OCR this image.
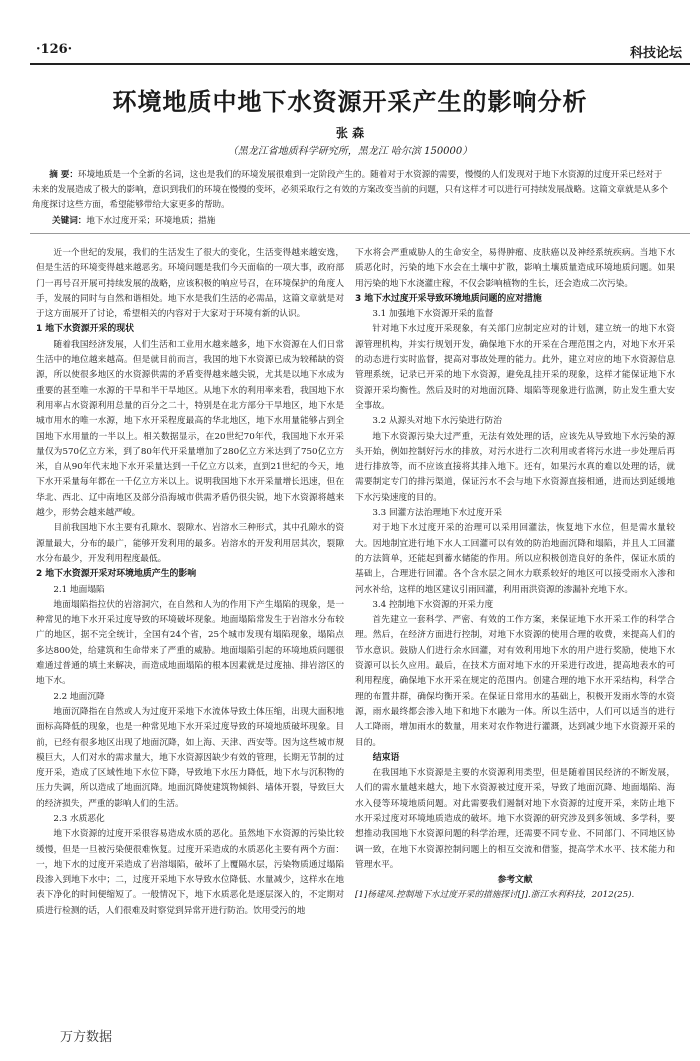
·126·	科技论坛
环境地质中地下水资源开采产生的影响分析
张 森
（黑龙江省地质科学研究所，黑龙江 哈尔滨 150000）
摘 要：环境地质是一个全新的名词，这也是我们的环境发展很难到一定阶段产生的。随着对于水资源的需要，慢慢的人们发现对于地下水资源的过度开采已经对于未来的发展造成了极大的影响，意识到我们的环境在慢慢的变坏，必须采取行之有效的方案改变当前的问题，只有这样才可以进行可持续发展战略。这篇文章就是从多个角度探讨这些方面，希望能够带给大家更多的帮助。
关键词：地下水过度开采；环境地质；措施

近一个世纪的发展，我们的生活发生了很大的变化，生活变得越来越安逸，但是生活的环境变得越来越恶劣。环境问题是我们今天面临的一项大事，政府部门一再号召开展可持续发展的战略，应该积极的响应号召，在环境保护的角度人手，发展的同时与自然和谐相处。地下水是我们生活的必需品，这篇文章就是对于这方面展开了讨论，希望相关的内容对于大家对于环境有新的认识。

1 地下水资源开采的现状

随着我国经济发展，人们生活和工业用水越来越多，地下水资源在人们日常生活中的地位越来越高。但是就目前而言，我国的地下水资源已成为较稀缺的资源，所以使很多地区的水资源供需的矛盾变得越来越尖锐，尤其是以地下水成为重要的甚至唯一水源的干旱和半干旱地区。从地下水的利用率来看，我国地下水利用率占水资源利用总量的百分之二十，特别是在北方部分干旱地区，地下水是城市用水的唯一水源，地下水开采程度最高的华北地区，地下水用量能够占到全国地下水用量的一半以上。相关数据显示，在20世纪70年代，我国地下水开采量仅为570亿立方米，到了80年代开采量增加了280亿立方米达到了750亿立方米，自从90年代末地下水开采量达到一千亿立方以来，直到21世纪的今天，地下水开采量每年都在一千亿立方米以上。说明我国地下水开采量增长迅速，但在华北、西北、辽中南地区及部分沿海城市供需矛盾仍很尖锐，地下水资源将越来越少，形势会越来越严峻。

目前我国地下水主要有孔隙水、裂隙水、岩溶水三种形式，其中孔隙水的资源量最大，分布的最广，能够开发利用的最多。岩溶水的开发利用居其次，裂隙水分布最少，开发利用程度最低。

2 地下水资源开采对环境地质产生的影响
2.1 地面塌陷

地面塌陷指拉伏的岩溶洞穴，在自然和人为的作用下产生塌陷的现象，是一种常见的地下水开采过度导致的环境破坏现象。地面塌陷常发生于岩溶水分布较广的地区，据不完全统计，全国有24个省，25个城市发现有塌陷现象，塌陷点多达800处，给建筑和生命带来了严重的威胁。地面塌陷引起的环境地质问题很难通过普通的填土来解决，而造成地面塌陷的根本因素就是过度抽、排岩溶区的地下水。

2.2 地面沉降

地面沉降指在自然或人为过度开采地下水流体导致土体压缩，出现大面积地面标高降低的现象，也是一种常见地下水开采过度导致的环境地质破坏现象。目前，已经有很多地区出现了地面沉降，如上海、天津、西安等。因为这些城市规模巨大，人们对水的需求量大，地下水资源因缺少有效的管理，长期无节制的过度开采，造成了区域性地下水位下降，导致地下水压力降低，地下水与沉积物的压力失调，所以造成了地面沉降。地面沉降使建筑物倾斜、墙体开裂，导致巨大的经济损失，严重的影响人们的生活。

2.3 水质恶化

地下水资源的过度开采很容易造成水质的恶化。虽然地下水资源的污染比较缓慢，但是一旦被污染便很难恢复。过度开采造成的水质恶化主要有两个方面：一，地下水的过度开采造成了岩溶塌陷，破坏了上覆隔水层，污染物质通过塌陷段渗入到地下水中；二，过度开采地下水导致水位降低、水量减少，这样水在地表下净化的时间便缩短了。一般情况下，地下水质恶化是逐层深入的，不定期对质进行检测的话，人们很难及时察觉到异常开进行防治。饮用受污的地

下水将会严重威胁人的生命安全，易得肿瘤、皮肤癌以及神经系统疾病。当地下水质恶化时，污染的地下水会在土壤中扩散，影响土壤质量造成环境地质问题。如果用污染的地下水浇灌庄稼，不仅会影响植物的生长，还会造成二次污染。

3 地下水过度开采导致环境地质问题的应对措施
3.1 加强地下水资源开采的监督

针对地下水过度开采现象，有关部门应制定应对的计划，建立统一的地下水资源管理机构，并实行规划开发，确保地下水的开采在合理范围之内，对地下水开采的动态进行实时监督，提高对事故处理的能力。此外，建立对应的地下水资源信息管理系统，记录已开采的地下水资源，避免乱挂开采的现象，这样才能保证地下水资源开采均衡性。然后及时的对地面沉降、塌陷等现象进行监测，防止发生重大安全事故。

3.2 从源头对地下水污染进行防治

地下水资源污染大过严重，无法有效处理的话，应该先从导致地下水污染的源头开始，例如控制好污水的排放，对污水进行二次利用或者将污水进一步处理后再进行排放等，而不应该直接将其排入地下。还有，如果污水真的难以处理的话，就需要制定专门的排污渠道，保证污水不会与地下水资源直接相通，进而达到延缓地下水污染速度的目的。

3.3 回灌方法治理地下水过度开采

对于地下水过度开采的治理可以采用回灌法，恢复地下水位，但是需水量较大。因地制宜进行地下水人工回灌可以有效的防治地面沉降和塌陷，并且人工回灌的方法简单，还能起到蓄水储能的作用。所以应积极创造良好的条件，保证水质的基础上，合理进行回灌。各个含水层之间水力联系较好的地区可以接受雨水入渗和河水补给，这样的地区建议引雨回灌，利用雨洪资源的渗漏补充地下水。

3.4 控制地下水资源的开采力度

首先建立一套科学、严密、有效的工作方案，来保证地下水开采工作的科学合理。然后，在经济方面进行控制，对地下水资源的使用合理的收费，来提高人们的节水意识。鼓励人们进行余水回灌，对有效利用地下水的用户进行奖励，使地下水资源可以长久应用。最后，在技术方面对地下水的开采进行改进，提高地表水的可利用程度，确保地下水开采在规定的范围内。创建合理的地下水开采结构，科学合理的布置井群，确保均衡开采。在保证日常用水的基础上，积极开发雨水等的水资源，雨水最终都会渗入地下和地下水融为一体。所以生活中，人们可以适当的进行人工降雨，增加雨水的数量，用来对农作物进行灌溉，达到减少地下水资源开采的目的。

结束语

在我国地下水资源是主要的水资源利用类型，但是随着国民经济的不断发展，人们的需水量越来越大，地下水资源被过度开采，导致了地面沉降、地面塌陷、海水入侵等环境地质问题。对此需要我们遏制对地下水资源的过度开采，来防止地下水开采过度对环境地质造成的破坏。地下水资源的研究涉及到多领域、多学科，要想推动我国地下水资源问题的科学治理，还需要不同专业、不同部门、不同地区协调一致，在地下水资源控制问题上的相互交流和借鉴，提高学术水平、技术能力和管理水平。

参考文献

[1]杨建凤.控制地下水过度开采的措施探讨[J].浙江水利科技，2012(25).

万方数据
